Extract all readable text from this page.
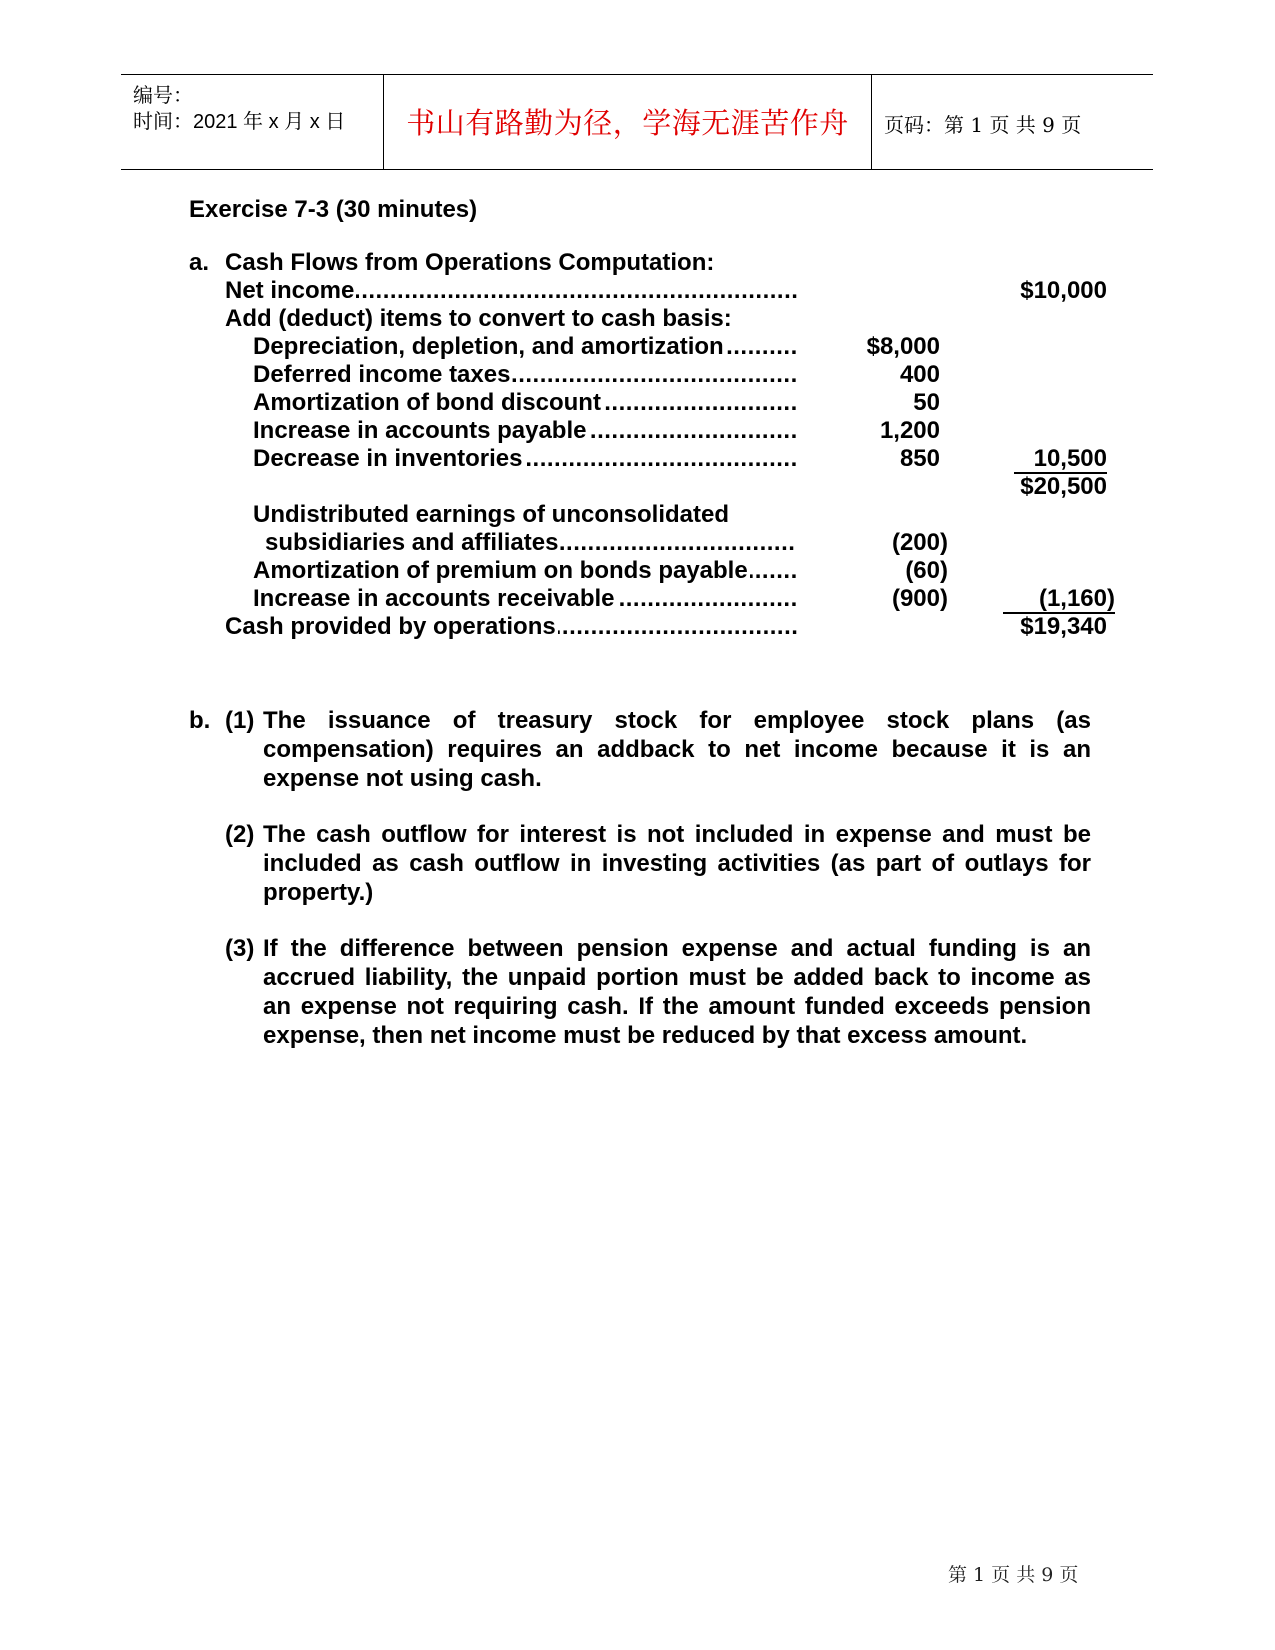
编号：
时间：2021 年 x 月 x 日	书山有路勤为径，学海无涯苦作舟	页码：第 1 页 共 9 页
Exercise 7-3 (30 minutes)
a. Cash Flows from Operations Computation:
.....
Net income	$10,000
Add (deduct) items to convert to cash basis:
.....
Depreciation, depletion, and amortization	$8,000
.....
Deferred income taxes	400
.....
Amortization of bond discount	50
.....
Increase in accounts payable	1,200
.....
Decrease in inventories	850	10,500
$20,500
Undistributed earnings of unconsolidated
.....
subsidiaries and affiliates	(200)
.....
Amortization of premium on bonds payable	(60)
.....
Increase in accounts receivable	(900)	(1,160)
.....
Cash provided by operations	$19,340
b. (1) The issuance of treasury stock for employee stock plans (as compensation) requires an addback to net income because it is an expense not using cash.
(2) The cash outflow for interest is not included in expense and must be included as cash outflow in investing activities (as part of outlays for property.)
(3) If the difference between pension expense and actual funding is an accrued liability, the unpaid portion must be added back to income as an expense not requiring cash. If the amount funded exceeds pension expense, then net income must be reduced by that excess amount.
第 1 页 共 9 页
